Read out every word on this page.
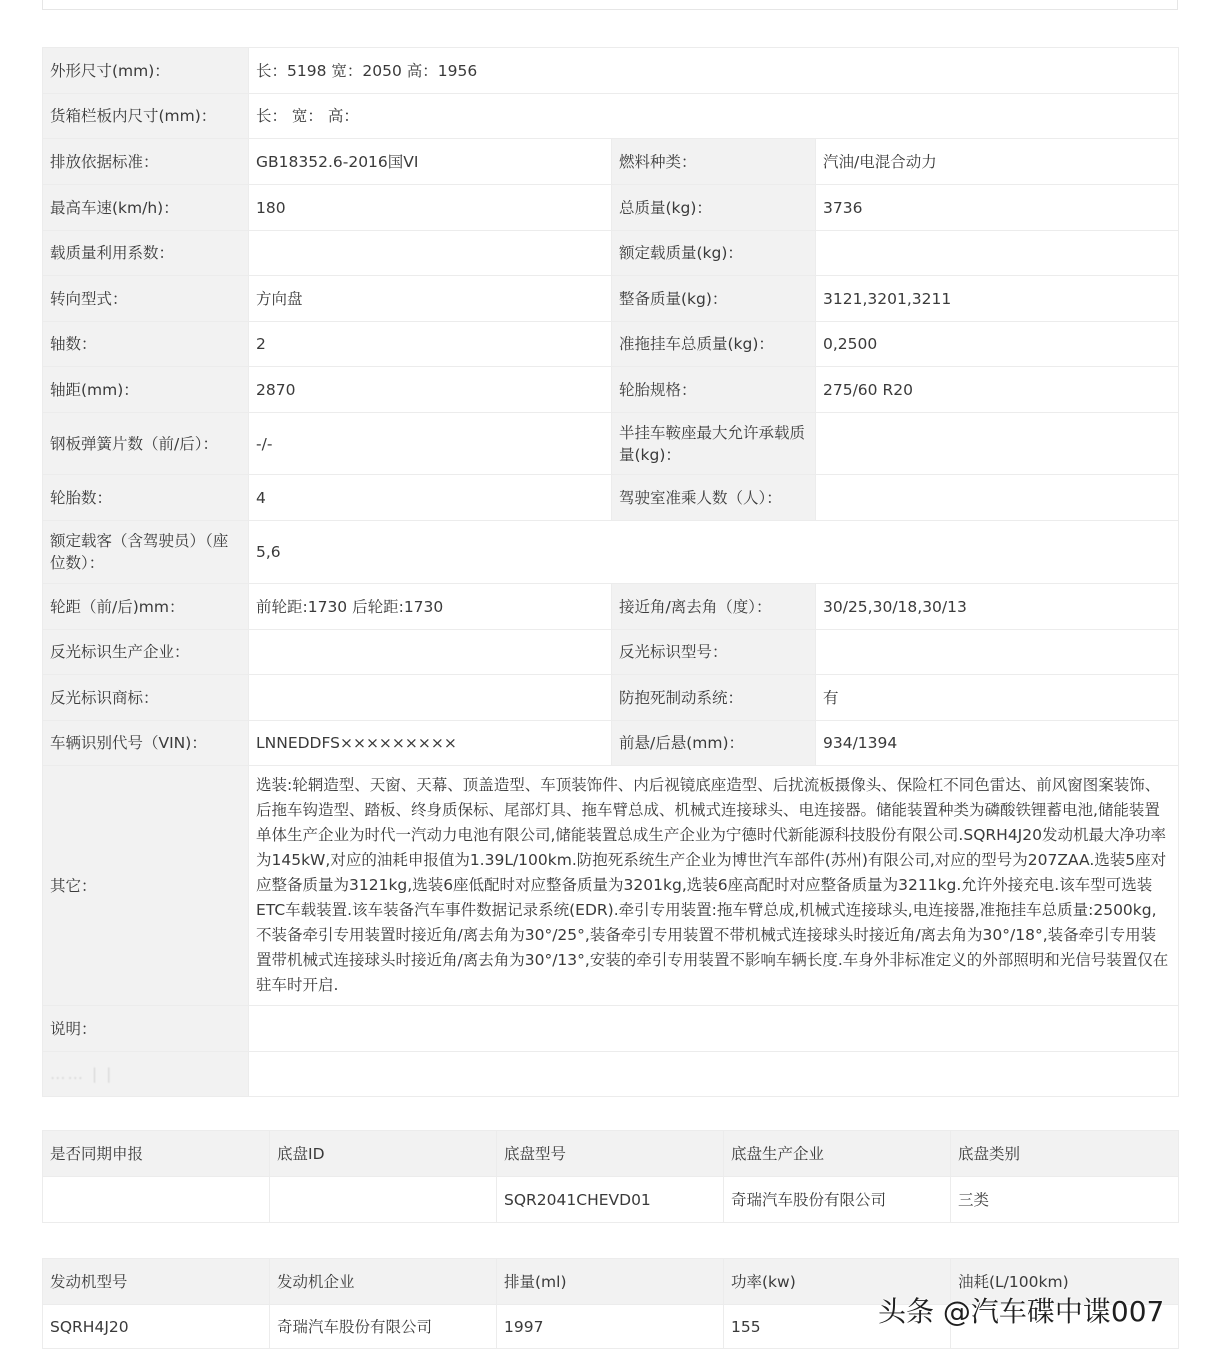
外形尺寸(mm)：	长：5198 宽：2050 高：1956		
货箱栏板内尺寸(mm)：	长： 宽： 高：		
排放依据标准：	GB18352.6-2016国VI	燃料种类：	汽油/电混合动力
最高车速(km/h)：	180	总质量(kg)：	3736
载质量利用系数：		额定载质量(kg)：	
转向型式：	方向盘	整备质量(kg)：	3121,3201,3211
轴数：	2	准拖挂车总质量(kg)：	0,2500
轴距(mm)：	2870	轮胎规格：	275/60 R20
钢板弹簧片数（前/后）：	-/-	半挂车鞍座最大允许承载质量(kg)：	
轮胎数：	4	驾驶室准乘人数（人）：	
额定载客（含驾驶员）（座位数）：	5,6		
轮距（前/后)mm：	前轮距:1730 后轮距:1730	接近角/离去角（度）：	30/25,30/18,30/13
反光标识生产企业：		反光标识型号：	
反光标识商标：		防抱死制动系统：	有
车辆识别代号（VIN)：	LNNEDDFS×××××××××	前悬/后悬(mm)：	934/1394
其它：	选装:轮辋造型、天窗、天幕、顶盖造型、车顶装饰件、内后视镜底座造型、后扰流板摄像头、保险杠不同色雷达、前风窗图案装饰、后拖车钩造型、踏板、终身质保标、尾部灯具、拖车臂总成、机械式连接球头、电连接器。储能装置种类为磷酸铁锂蓄电池,储能装置单体生产企业为时代一汽动力电池有限公司,储能装置总成生产企业为宁德时代新能源科技股份有限公司.SQRH4J20发动机最大净功率为145kW,对应的油耗申报值为1.39L/100km.防抱死系统生产企业为博世汽车部件(苏州)有限公司,对应的型号为207ZAA.选装5座对应整备质量为3121kg,选装6座低配时对应整备质量为3201kg,选装6座高配时对应整备质量为3211kg.允许外接充电.该车型可选装ETC车载装置.该车装备汽车事件数据记录系统(EDR).牵引专用装置:拖车臂总成,机械式连接球头,电连接器,准拖挂车总质量:2500kg,不装备牵引专用装置时接近角/离去角为30°/25°,装备牵引专用装置不带机械式连接球头时接近角/离去角为30°/18°,装备牵引专用装置带机械式连接球头时接近角/离去角为30°/13°,安装的牵引专用装置不影响车辆长度.车身外非标准定义的外部照明和光信号装置仅在驻车时开启.		
说明：			
…… | |			
是否同期申报	底盘ID	底盘型号	底盘生产企业	底盘类别
		SQR2041CHEVD01	奇瑞汽车股份有限公司	三类
发动机型号	发动机企业	排量(ml)	功率(kw)	油耗(L/100km)
SQRH4J20	奇瑞汽车股份有限公司	1997	155		头条 @汽车碟中谍007
